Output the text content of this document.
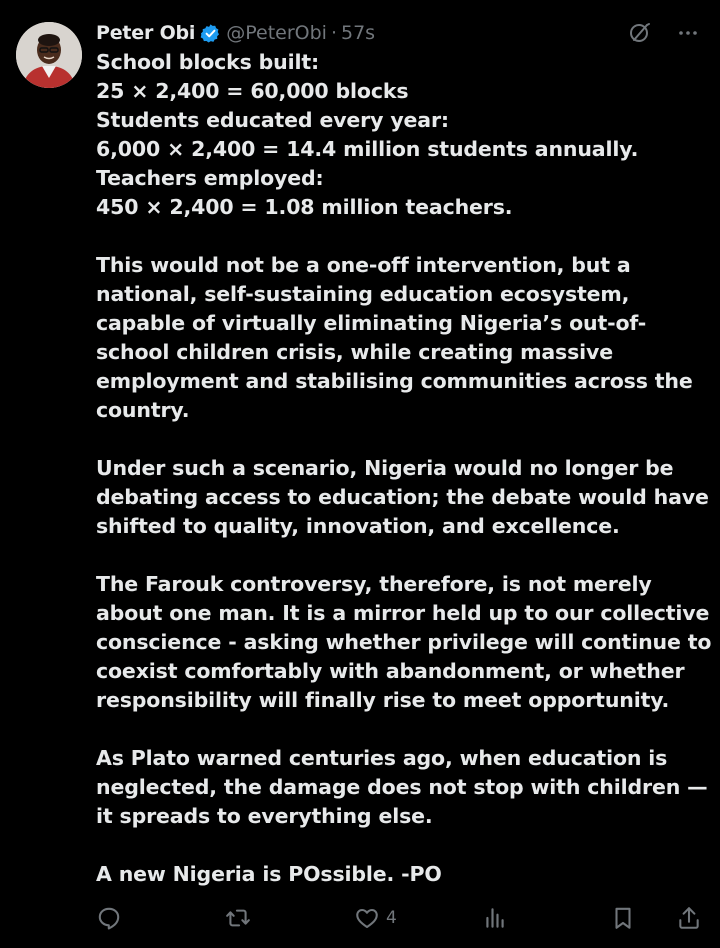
Peter Obi @PeterObi · 57s
School blocks built:
25 × 2,400 = 60,000 blocks
Students educated every year:
6,000 × 2,400 = 14.4 million students annually.
Teachers employed:
450 × 2,400 = 1.08 million teachers.
This would not be a one-off intervention, but a
national, self-sustaining education ecosystem,
capable of virtually eliminating Nigeria’s out-of-
school children crisis, while creating massive
employment and stabilising communities across the
country.
Under such a scenario, Nigeria would no longer be
debating access to education; the debate would have
shifted to quality, innovation, and excellence.
The Farouk controversy, therefore, is not merely
about one man. It is a mirror held up to our collective
conscience - asking whether privilege will continue to
coexist comfortably with abandonment, or whether
responsibility will finally rise to meet opportunity.
As Plato warned centuries ago, when education is
neglected, the damage does not stop with children —
it spreads to everything else.
A new Nigeria is POssible. -PO
4
